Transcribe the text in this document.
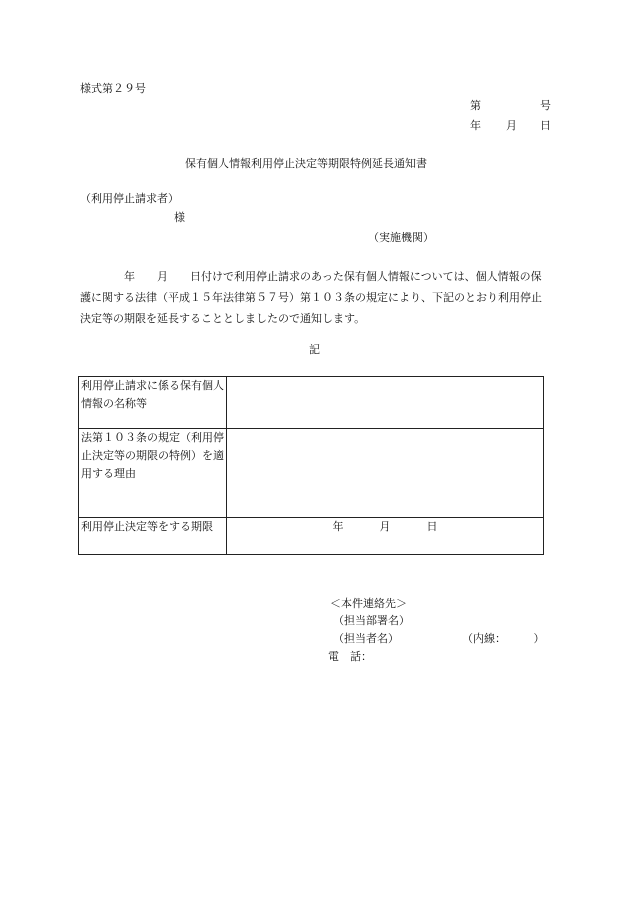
様式第２９号
第	号
年 月 日
保有個人情報利用停止決定等期限特例延長通知書
（利用停止請求者）
様
（実施機関）
年 月 日付けで利用停止請求のあった保有個人情報については、個人情報の保護に関する法律（平成１５年法律第５７号）第１０３条の規定により、下記のとおり利用停止決定等の期限を延長することとしましたので通知します。
記
利用停止請求に係る保有個人情報の名称等	
法第１０３条の規定（利用停止決定等の期限の特例）を適用する理由	
利用停止決定等をする期限	年 月 日
＜本件連絡先＞
（担当部署名）
（担当者名）	（内線：　　　）
電　話：
